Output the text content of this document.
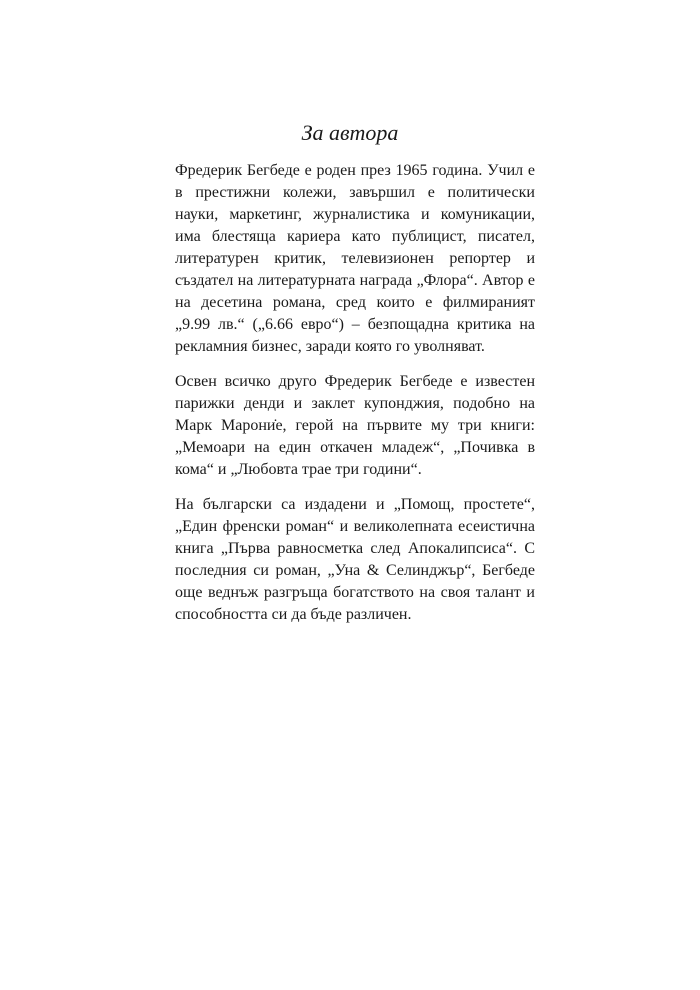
За автора

Фредерик Бегбеде е роден през 1965 година. Учил е в престижни колежи, завършил е политически науки, маркетинг, журналистика и комуникации, има блестяща кариера като публицист, писател, литературен критик, телевизионен репортер и създател на литературната награда „Флора“. Автор е на десетина романа, сред които е филмираният „9.99 лв.“ („6.66 евро“) – безпощадна критика на рекламния бизнес, заради която го уволняват.

Освен всичко друго Фредерик Бегбеде е известен парижки денди и заклет купонджия, подобно на Марк Марони̇е, герой на първите му три книги: „Мемоари на един откачен младеж“, „Почивка в кома“ и „Любовта трае три години“.

На български са издадени и „Помощ, простете“, „Един френски роман“ и великолепната есеистична книга „Първа равносметка след Апокалипсиса“. С последния си роман, „Уна & Селинджър“, Бегбеде още веднъж разгръща богатството на своя талант и способността си да бъде различен.
